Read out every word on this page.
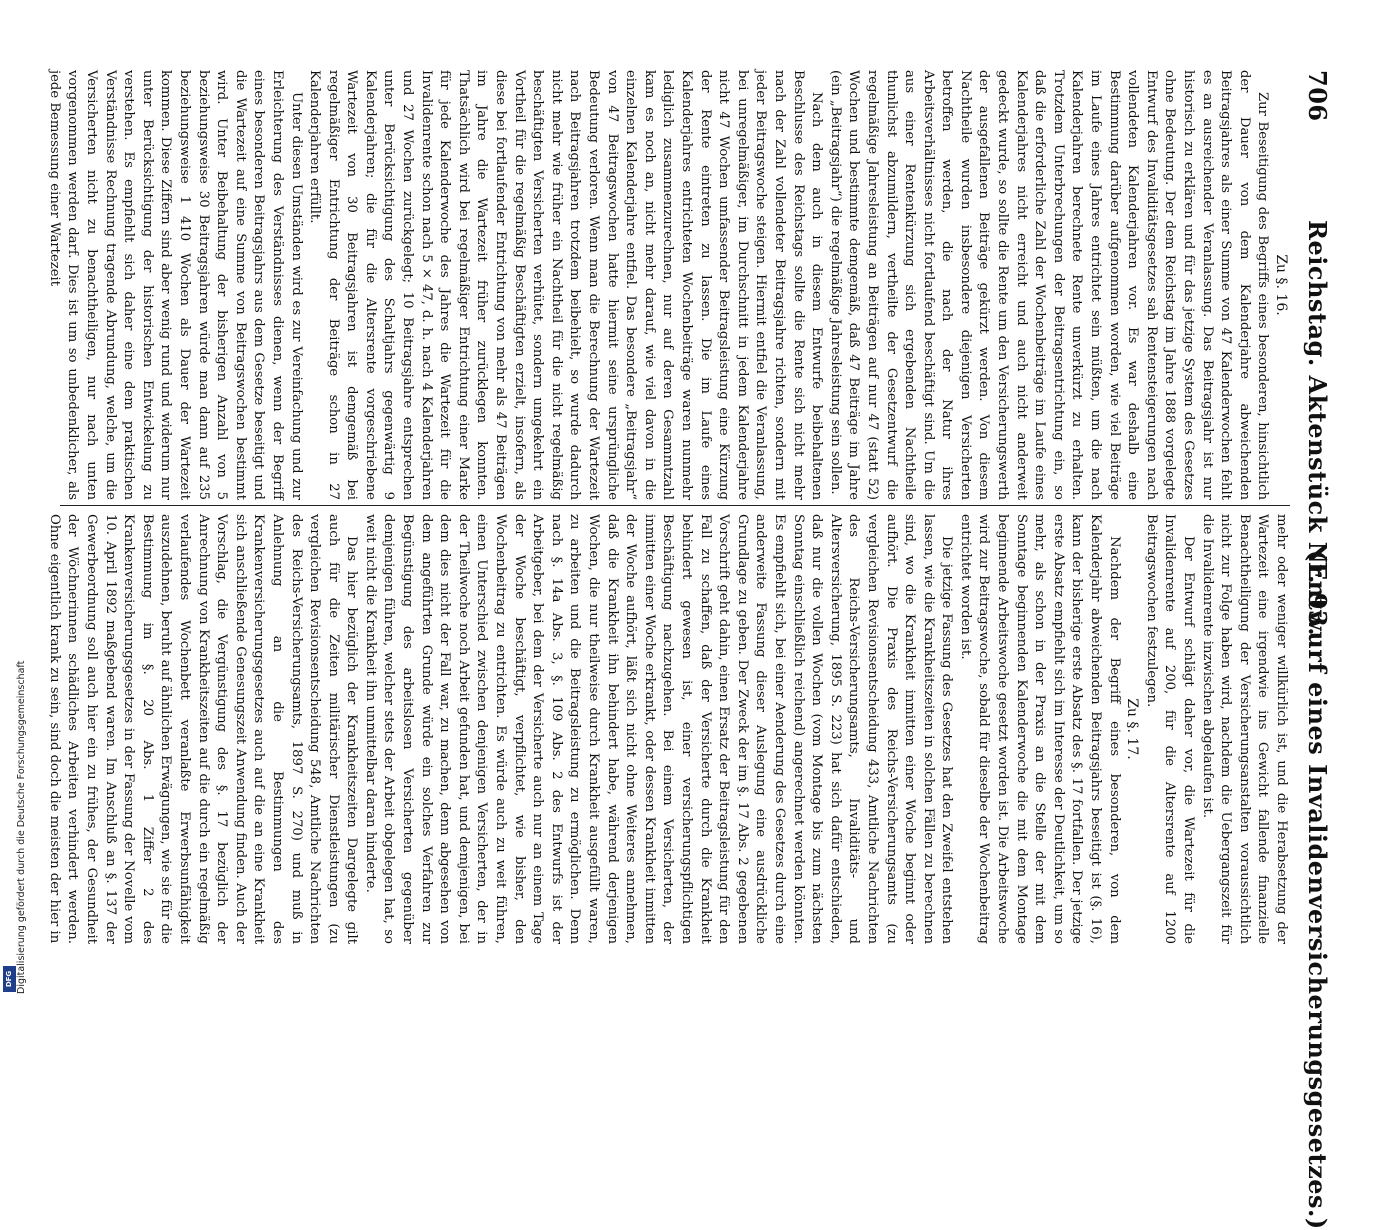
706Reichstag. Aktenstück Nr. 93.(Entwurf eines Invalidenversicherungsgesetzes.)

Zu §. 16.

Zur Beseitigung des Begriffs eines besonderen, hinsichtlich der Dauer von dem Kalenderjahre abweichenden Beitragsjahres als einer Summe von 47 Kalenderwochen fehlt es an ausreichender Veranlassung. Das Beitragsjahr ist nur historisch zu erklären und für das jetzige System des Gesetzes ohne Bedeutung. Der dem Reichstag im Jahre 1888 vorgelegte Entwurf des Invaliditätsgesetzes sah Rentensteigerungen nach vollendeten Kalenderjahren vor. Es war deshalb eine Bestimmung darüber aufgenommen worden, wie viel Beiträge im Laufe eines Jahres entrichtet sein müßten, um die nach Kalenderjahren berechnete Rente unverkürzt zu erhalten. Trotzdem Unterbrechungen der Beitragsentrichtung ein, so daß die erforderliche Zahl der Wochenbeiträge im Laufe eines Kalenderjahres nicht erreicht und auch nicht anderweit gedeckt wurde, so sollte die Rente um den Versicherungswerth der ausgefallenen Beiträge gekürzt werden. Von diesem Nachtheile wurden insbesondere diejenigen Versicherten betroffen werden, die nach der Natur ihres Arbeitsverhältnisses nicht fortlaufend beschäftigt sind. Um die aus einer Rentenkürzung sich ergebenden Nachtheile thunlichst abzumildern, vertheilte der Gesetzentwurf die regelmäßige Jahresleistung an Beiträgen auf nur 47 (statt 52) Wochen und bestimmte demgemäß, daß 47 Beiträge im Jahre (ein „Beitragsjahr“) die regelmäßige Jahresleistung sein sollen.

Nach dem auch in diesem Entwurfe beibehaltenen Beschlusse des Reichstags sollte die Rente sich nicht mehr nach der Zahl vollendeter Beitragsjahre richten, sondern mit jeder Beitragswoche steigen. Hiermit entfiel die Veranlassung, bei unregelmäßiger, im Durchschnitt in jedem Kalenderjahre nicht 47 Wochen umfassender Beitragsleistung eine Kürzung der Rente eintreten zu lassen. Die im Laufe eines Kalenderjahres entrichteten Wochenbeiträge waren nunmehr lediglich zusammenzurechnen, nur auf deren Gesammtzahl kam es noch an, nicht mehr darauf, wie viel davon in die einzelnen Kalenderjahre entfiel. Das besondere „Beitragsjahr“ von 47 Beitragswochen hatte hiermit seine ursprüngliche Bedeutung verloren. Wenn man die Berechnung der Wartezeit nach Beitragsjahren trotzdem beibehielt, so wurde dadurch nicht mehr wie früher ein Nachtheil für die nicht regelmäßig beschäftigten Versicherten verhütet, sondern umgekehrt ein Vortheil für die regelmäßig Beschäftigten erzielt, insofern, als diese bei fortlaufender Entrichtung von mehr als 47 Beiträgen im Jahre die Wartezeit früher zurücklegen konnten. Thatsächlich wird bei regelmäßiger Entrichtung einer Marke für jede Kalenderwoche des Jahres die Wartezeit für die Invalidenrente schon nach 5 × 47, d. h. nach 4 Kalenderjahren und 27 Wochen zurückgelegt; 10 Beitragsjahre entsprechen unter Berücksichtigung des Schaltjahrs gegenwärtig 9 Kalenderjahren; die für die Altersrente vorgeschriebene Wartezeit von 30 Beitragsjahren ist demgemäß bei regelmäßiger Entrichtung der Beiträge schon in 27 Kalenderjahren erfüllt.

Unter diesen Umständen wird es zur Vereinfachung und zur Erleichterung des Verständnisses dienen, wenn der Begriff eines besonderen Beitragsjahrs aus dem Gesetze beseitigt und die Wartezeit auf eine Summe von Beitragswochen bestimmt wird. Unter Beibehaltung der bisherigen Anzahl von 5 beziehungsweise 30 Beitragsjahren würde man dann auf 235 beziehungsweise 1 410 Wochen als Dauer der Wartezeit kommen. Diese Ziffern sind aber wenig rund und widerum nur unter Berücksichtigung der historischen Entwickelung zu verstehen. Es empfiehlt sich daher eine dem praktischen Verständnisse Rechnung tragende Abrundung, welche, um die Versicherten nicht zu benachtheiligen, nur nach unten vorgenommen werden darf. Dies ist um so unbedenklicher, als jede Bemessung einer Wartezeit

mehr oder weniger willkürlich ist, und die Herabsetzung der Wartezeit eine irgendwie ins Gewicht fallende finanzielle Benachtheiligung der Versicherungsanstalten voraussichtlich nicht zur Folge haben wird, nachdem die Uebergangszeit für die Invalidenrente inzwischen abgelaufen ist.

Der Entwurf schlägt daher vor, die Wartezeit für die Invalidenrente auf 200, für die Altersrente auf 1200 Beitragswochen festzulegen.

Zu §. 17.

Nachdem der Begriff eines besonderen, von dem Kalenderjahr abweichenden Beitragsjahrs beseitigt ist (§. 16), kann der bisherige erste Absatz des §. 17 fortfallen. Der jetzige erste Absatz empfiehlt sich im Interesse der Deutlichkeit, um so mehr, als schon in der Praxis an die Stelle der mit dem Sonntage beginnenden Kalenderwoche die mit dem Montage beginnende Arbeitswoche gesetzt worden ist. Die Arbeitswoche wird zur Beitragswoche, sobald für dieselbe der Wochenbeitrag entrichtet worden ist.

Die jetzige Fassung des Gesetzes hat den Zweifel entstehen lassen, wie die Krankheitszeiten in solchen Fällen zu berechnen sind, wo die Krankheit inmitten einer Woche beginnt oder aufhört. Die Praxis des Reichs-Versicherungsamts (zu vergleichen Revisionsentscheidung 433, Amtliche Nachrichten des Reichs-Versicherungsamts, Invaliditäts- und Altersversicherung, 1895 S. 223) hat sich dafür entschieden, daß nur die vollen Wochen (vom Montage bis zum nächsten Sonntag einschließlich reichend) angerechnet werden könnten. Es empfiehlt sich, bei einer Aenderung des Gesetzes durch eine anderweite Fassung dieser Auslegung eine ausdrückliche Grundlage zu geben. Der Zweck der im §. 17 Abs. 2 gegebenen Vorschrift geht dahin, einen Ersatz der Beitragsleistung für den Fall zu schaffen, daß der Versicherte durch die Krankheit behindert gewesen ist, einer versicherungspflichtigen Beschäftigung nachzugehen. Bei einem Versicherten, der inmitten einer Woche erkrankt, oder dessen Krankheit inmitten der Woche aufhört, läßt sich nicht ohne Weiteres annehmen, daß die Krankheit ihn behindert habe, während derjenigen Wochen, die nur theilweise durch Krankheit ausgefüllt waren, zu arbeiten und die Beitragsleistung zu ermöglichen. Denn nach §. 14a Abs. 3, §. 109 Abs. 2 des Entwurfs ist der Arbeitgeber, bei dem der Versicherte auch nur an einem Tage der Woche beschäftigt, verpflichtet, wie bisher, den Wochenbeitrag zu entrichten. Es würde auch zu weit führen, einen Unterschied zwischen denjenigen Versicherten, der in der Theilwoche noch Arbeit gefunden hat, und demjenigen, bei dem dies nicht der Fall war, zu machen, denn abgesehen von dem angeführten Grunde würde ein solches Verfahren zur Begünstigung des arbeitslosen Versicherten gegenüber demjenigen führen, welcher stets der Arbeit obgelegen hat, so weit nicht die Krankheit ihn unmittelbar daran hinderte.

Das hier bezüglich der Krankheitszeiten Dargelegte gilt auch für die Zeiten militärischer Dienstleistungen (zu vergleichen Revisionsentscheidung 548, Amtliche Nachrichten des Reichs-Versicherungsamts, 1897 S. 270) und muß in Anlehnung an die Bestimmungen des Krankenversicherungsgesetzes auch auf die an eine Krankheit sich anschließende Genesungszeit Anwendung finden. Auch der Vorschlag, die Vergünstigung des §. 17 bezüglich der Anrechnung von Krankheitszeiten auf die durch ein regelmäßig verlaufendes Wochenbett veranlaßte Erwerbsunfähigkeit auszudehnen, beruht auf ähnlichen Erwägungen, wie sie für die Bestimmung im §. 20 Abs. 1 Ziffer 2 des Krankenversicherungsgesetzes in der Fassung der Novelle vom 10. April 1892 maßgebend waren. Im Anschluß an §. 137 der Gewerbeordnung soll auch hier ein zu frühes, der Gesundheit der Wöchnerinnen schädliches Arbeiten verhindert werden. Ohne eigentlich krank zu sein, sind doch die meisten der hier in

Digitalisierung gefördert durch die Deutsche Forschungsgemeinschaft
DFG
